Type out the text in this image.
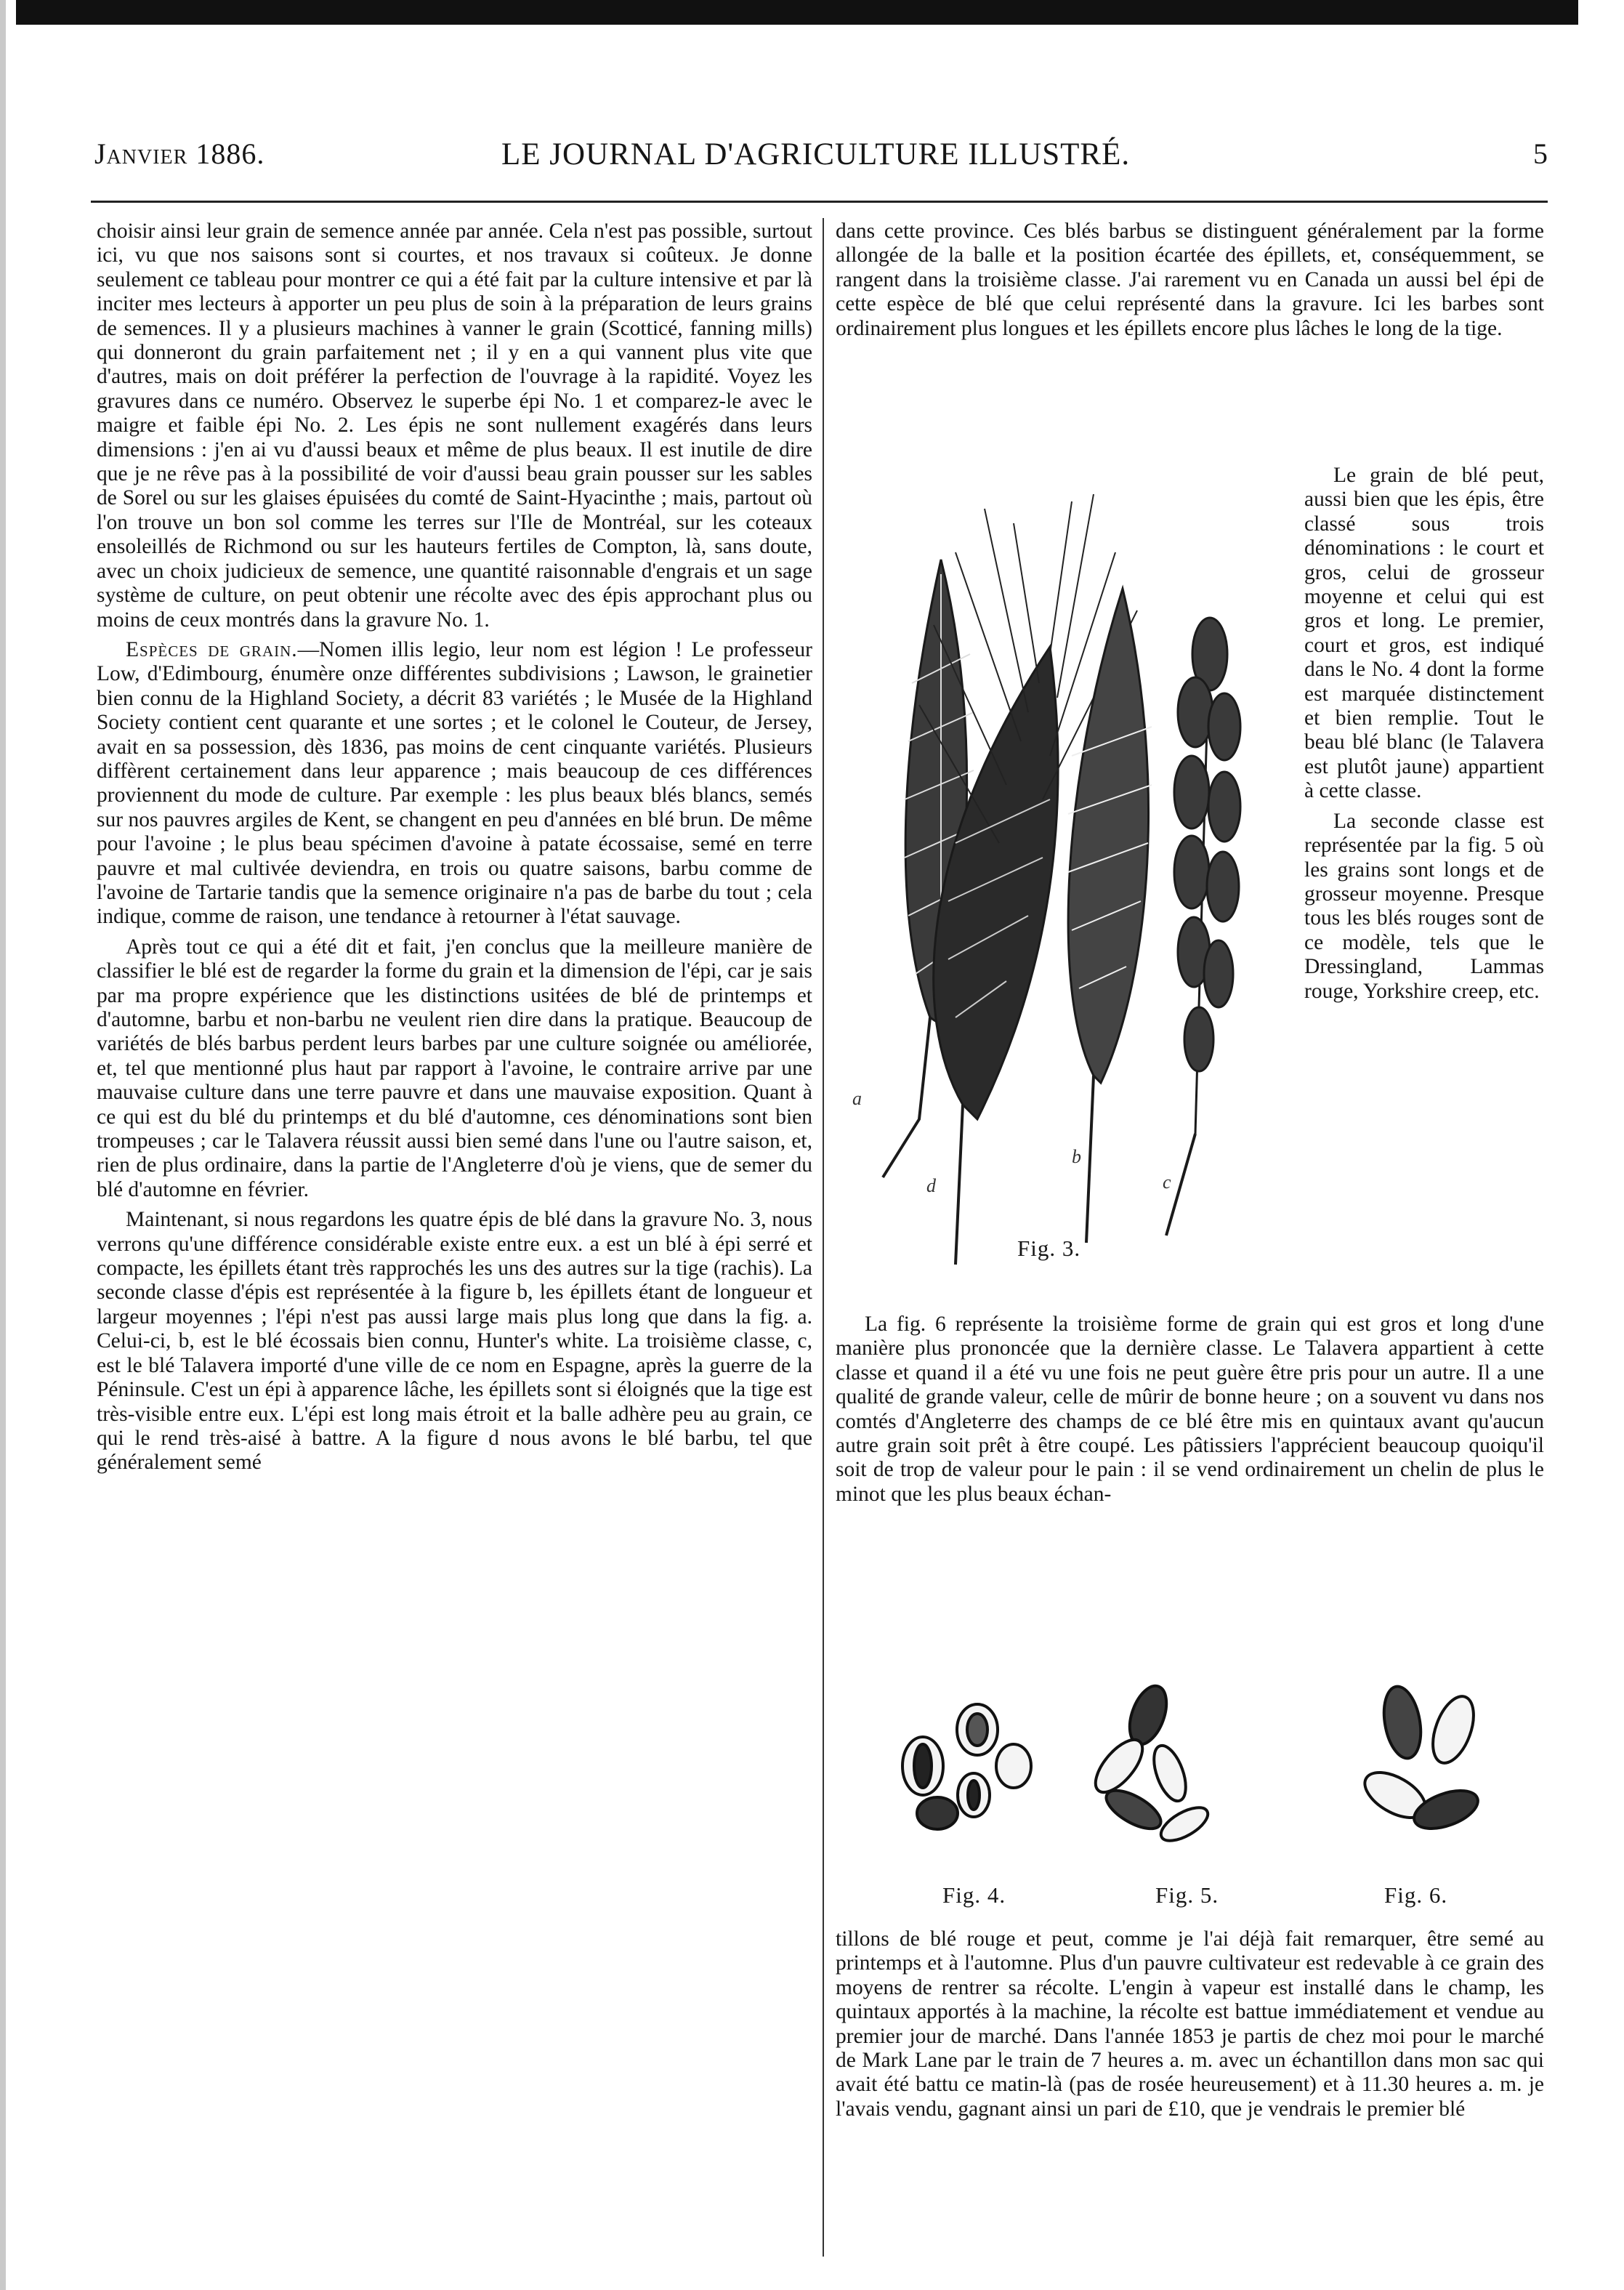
Janvier 1886.	LE JOURNAL D'AGRICULTURE ILLUSTRÉ.	5

choisir ainsi leur grain de semence année par année. Cela n'est pas possible, surtout ici, vu que nos saisons sont si courtes, et nos travaux si coûteux. Je donne seulement ce tableau pour montrer ce qui a été fait par la culture intensive et par là inciter mes lecteurs à apporter un peu plus de soin à la préparation de leurs grains de semences. Il y a plusieurs machines à vanner le grain (Scotticé, fanning mills) qui donneront du grain parfaitement net ; il y en a qui vannent plus vite que d'autres, mais on doit préférer la perfection de l'ouvrage à la rapidité. Voyez les gravures dans ce numéro. Observez le superbe épi No. 1 et comparez-le avec le maigre et faible épi No. 2. Les épis ne sont nullement exagérés dans leurs dimensions : j'en ai vu d'aussi beaux et même de plus beaux. Il est inutile de dire que je ne rêve pas à la possibilité de voir d'aussi beau grain pousser sur les sables de Sorel ou sur les glaises épuisées du comté de Saint-Hyacinthe ; mais, partout où l'on trouve un bon sol comme les terres sur l'Ile de Montréal, sur les coteaux ensoleillés de Richmond ou sur les hauteurs fertiles de Compton, là, sans doute, avec un choix judicieux de semence, une quantité raisonnable d'engrais et un sage système de culture, on peut obtenir une récolte avec des épis approchant plus ou moins de ceux montrés dans la gravure No. 1.

Espèces de grain.—Nomen illis legio, leur nom est légion ! Le professeur Low, d'Edimbourg, énumère onze différentes subdivisions ; Lawson, le grainetier bien connu de la Highland Society, a décrit 83 variétés ; le Musée de la Highland Society contient cent quarante et une sortes ; et le colonel le Couteur, de Jersey, avait en sa possession, dès 1836, pas moins de cent cinquante variétés. Plusieurs diffèrent certainement dans leur apparence ; mais beaucoup de ces différences proviennent du mode de culture. Par exemple : les plus beaux blés blancs, semés sur nos pauvres argiles de Kent, se changent en peu d'années en blé brun. De même pour l'avoine ; le plus beau spécimen d'avoine à patate écossaise, semé en terre pauvre et mal cultivée deviendra, en trois ou quatre saisons, barbu comme de l'avoine de Tartarie tandis que la semence originaire n'a pas de barbe du tout ; cela indique, comme de raison, une tendance à retourner à l'état sauvage.

Après tout ce qui a été dit et fait, j'en conclus que la meilleure manière de classifier le blé est de regarder la forme du grain et la dimension de l'épi, car je sais par ma propre expérience que les distinctions usitées de blé de printemps et d'automne, barbu et non-barbu ne veulent rien dire dans la pratique. Beaucoup de variétés de blés barbus perdent leurs barbes par une culture soignée ou améliorée, et, tel que mentionné plus haut par rapport à l'avoine, le contraire arrive par une mauvaise culture dans une terre pauvre et dans une mauvaise exposition. Quant à ce qui est du blé du printemps et du blé d'automne, ces dénominations sont bien trompeuses ; car le Talavera réussit aussi bien semé dans l'une ou l'autre saison, et, rien de plus ordinaire, dans la partie de l'Angleterre d'où je viens, que de semer du blé d'automne en février.

Maintenant, si nous regardons les quatre épis de blé dans la gravure No. 3, nous verrons qu'une différence considérable existe entre eux. a est un blé à épi serré et compacte, les épillets étant très rapprochés les uns des autres sur la tige (rachis). La seconde classe d'épis est représentée à la figure b, les épillets étant de longueur et largeur moyennes ; l'épi n'est pas aussi large mais plus long que dans la fig. a. Celui-ci, b, est le blé écossais bien connu, Hunter's white. La troisième classe, c, est le blé Talavera importé d'une ville de ce nom en Espagne, après la guerre de la Péninsule. C'est un épi à apparence lâche, les épillets sont si éloignés que la tige est très-visible entre eux. L'épi est long mais étroit et la balle adhère peu au grain, ce qui le rend très-aisé à battre. A la figure d nous avons le blé barbu, tel que généralement semé

dans cette province. Ces blés barbus se distinguent généralement par la forme allongée de la balle et la position écartée des épillets, et, conséquemment, se rangent dans la troisième classe. J'ai rarement vu en Canada un aussi bel épi de cette espèce de blé que celui représenté dans la gravure. Ici les barbes sont ordinairement plus longues et les épillets encore plus lâches le long de la tige.

a
d
b
c
Fig. 3.

Le grain de blé peut, aussi bien que les épis, être classé sous trois dénominations : le court et gros, celui de grosseur moyenne et celui qui est gros et long. Le premier, court et gros, est indiqué dans le No. 4 dont la forme est marquée distinctement et bien remplie. Tout le beau blé blanc (le Talavera est plutôt jaune) appartient à cette classe.

La seconde classe est représentée par la fig. 5 où les grains sont longs et de grosseur moyenne. Presque tous les blés rouges sont de ce modèle, tels que le Dressingland, Lammas rouge, Yorkshire creep, etc.

La fig. 6 représente la troisième forme de grain qui est gros et long d'une manière plus prononcée que la dernière classe. Le Talavera appartient à cette classe et quand il a été vu une fois ne peut guère être pris pour un autre. Il a une qualité de grande valeur, celle de mûrir de bonne heure ; on a souvent vu dans nos comtés d'Angleterre des champs de ce blé être mis en quintaux avant qu'aucun autre grain soit prêt à être coupé. Les pâtissiers l'apprécient beaucoup quoiqu'il soit de trop de valeur pour le pain : il se vend ordinairement un chelin de plus le minot que les plus beaux échan-

Fig. 4.	Fig. 5.	Fig. 6.

tillons de blé rouge et peut, comme je l'ai déjà fait remarquer, être semé au printemps et à l'automne. Plus d'un pauvre cultivateur est redevable à ce grain des moyens de rentrer sa récolte. L'engin à vapeur est installé dans le champ, les quintaux apportés à la machine, la récolte est battue immédiatement et vendue au premier jour de marché. Dans l'année 1853 je partis de chez moi pour le marché de Mark Lane par le train de 7 heures a. m. avec un échantillon dans mon sac qui avait été battu ce matin-là (pas de rosée heureusement) et à 11.30 heures a. m. je l'avais vendu, gagnant ainsi un pari de £10, que je vendrais le premier blé
